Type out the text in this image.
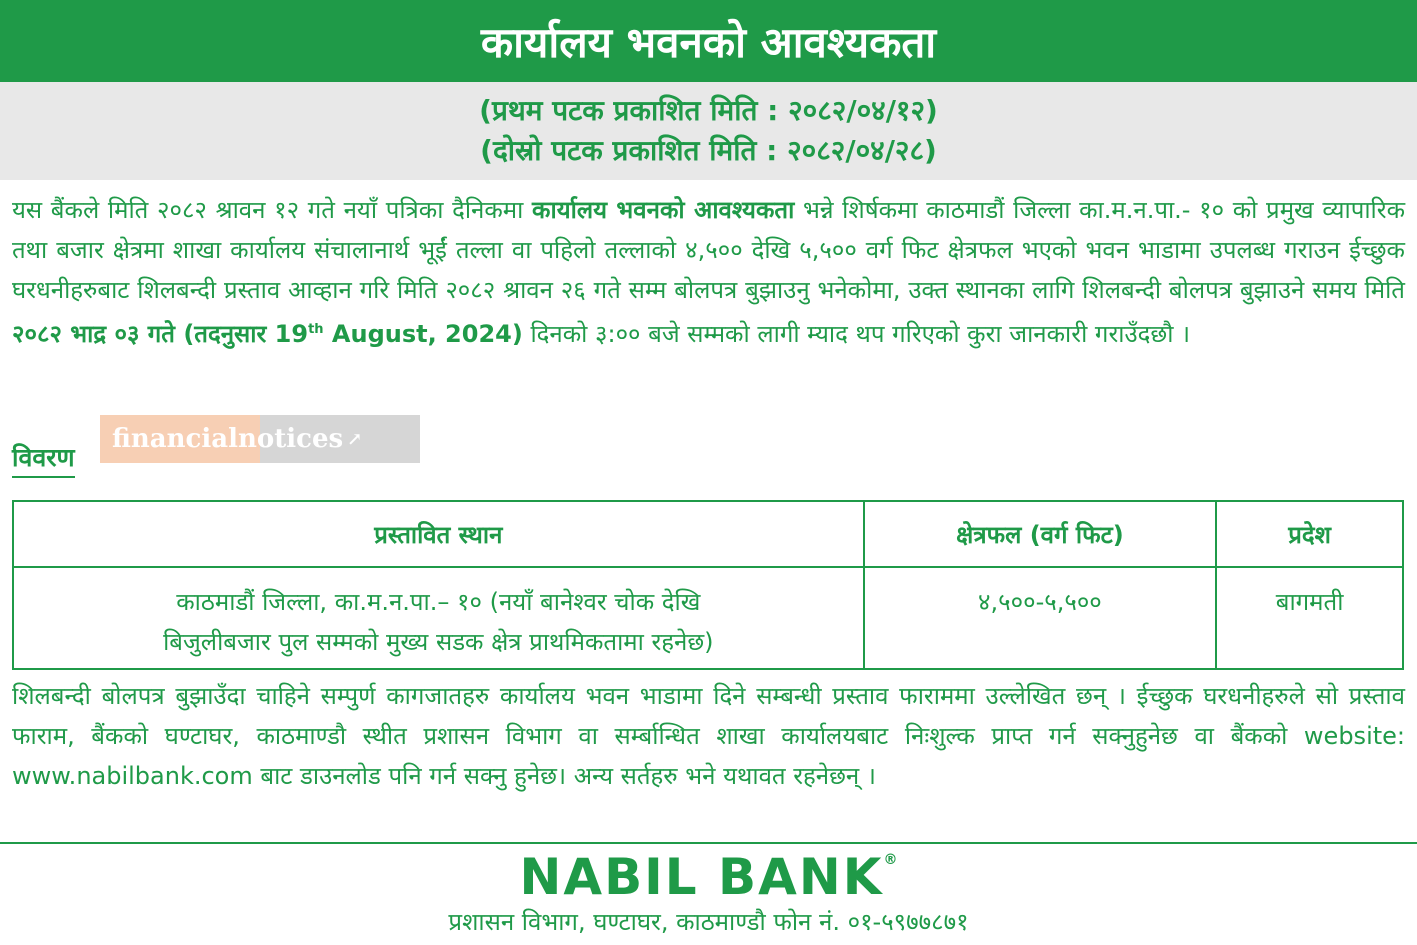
कार्यालय भवनको आवश्यकता
(प्रथम पटक प्रकाशित मिति : २०८२/०४/१२)
(दोस्रो पटक प्रकाशित मिति : २०८२/०४/२८)
यस बैंकले मिति २०८२ श्रावन १२ गते नयाँ पत्रिका दैनिकमा कार्यालय भवनको आवश्यकता भन्ने शिर्षकमा काठमाडौं जिल्ला का.म.न.पा.- १० को प्रमुख व्यापारिक तथा बजार क्षेत्रमा शाखा कार्यालय संचालानार्थ भूईं तल्ला वा पहिलो तल्लाको ४,५०० देखि ५,५०० वर्ग फिट क्षेत्रफल भएको भवन भाडामा उपलब्ध गराउन ईच्छुक घरधनीहरुबाट शिलबन्दी प्रस्ताव आव्हान गरि मिति २०८२ श्रावन २६ गते सम्म बोलपत्र बुझाउनु भनेकोमा, उक्त स्थानका लागि शिलबन्दी बोलपत्र बुझाउने समय मिति २०८२ भाद्र ०३ गते (तदनुसार 19th August, 2024) दिनको ३:०० बजे सम्मको लागी म्याद थप गरिएको कुरा जानकारी गराउँदछौ ।
विवरण
financialnotices ↗
प्रस्तावित स्थान	क्षेत्रफल (वर्ग फिट)	प्रदेश

काठमाडौं जिल्ला, का.म.न.पा.– १० (नयाँ बानेश्वर चोक देखि
बिजुलीबजार पुल सम्मको मुख्य सडक क्षेत्र प्राथमिकतामा रहनेछ)	४,५००-५,५००	बागमती
शिलबन्दी बोलपत्र बुझाउँदा चाहिने सम्पुर्ण कागजातहरु कार्यालय भवन भाडामा दिने सम्बन्धी प्रस्ताव फाराममा उल्लेखित छन् । ईच्छुक घरधनीहरुले सो प्रस्ताव फाराम, बैंकको घण्टाघर, काठमाण्डौ स्थीत प्रशासन विभाग वा सर्म्बान्धित शाखा कार्यालयबाट निःशुल्क प्राप्त गर्न सक्नुहुनेछ वा बैंकको website: www.nabilbank.com बाट डाउनलोड पनि गर्न सक्नु हुनेछ। अन्य सर्तहरु भने यथावत रहनेछन् ।
NABIL BANK®
प्रशासन विभाग, घण्टाघर, काठमाण्डौ फोन नं. ०१-५९७७८७१
